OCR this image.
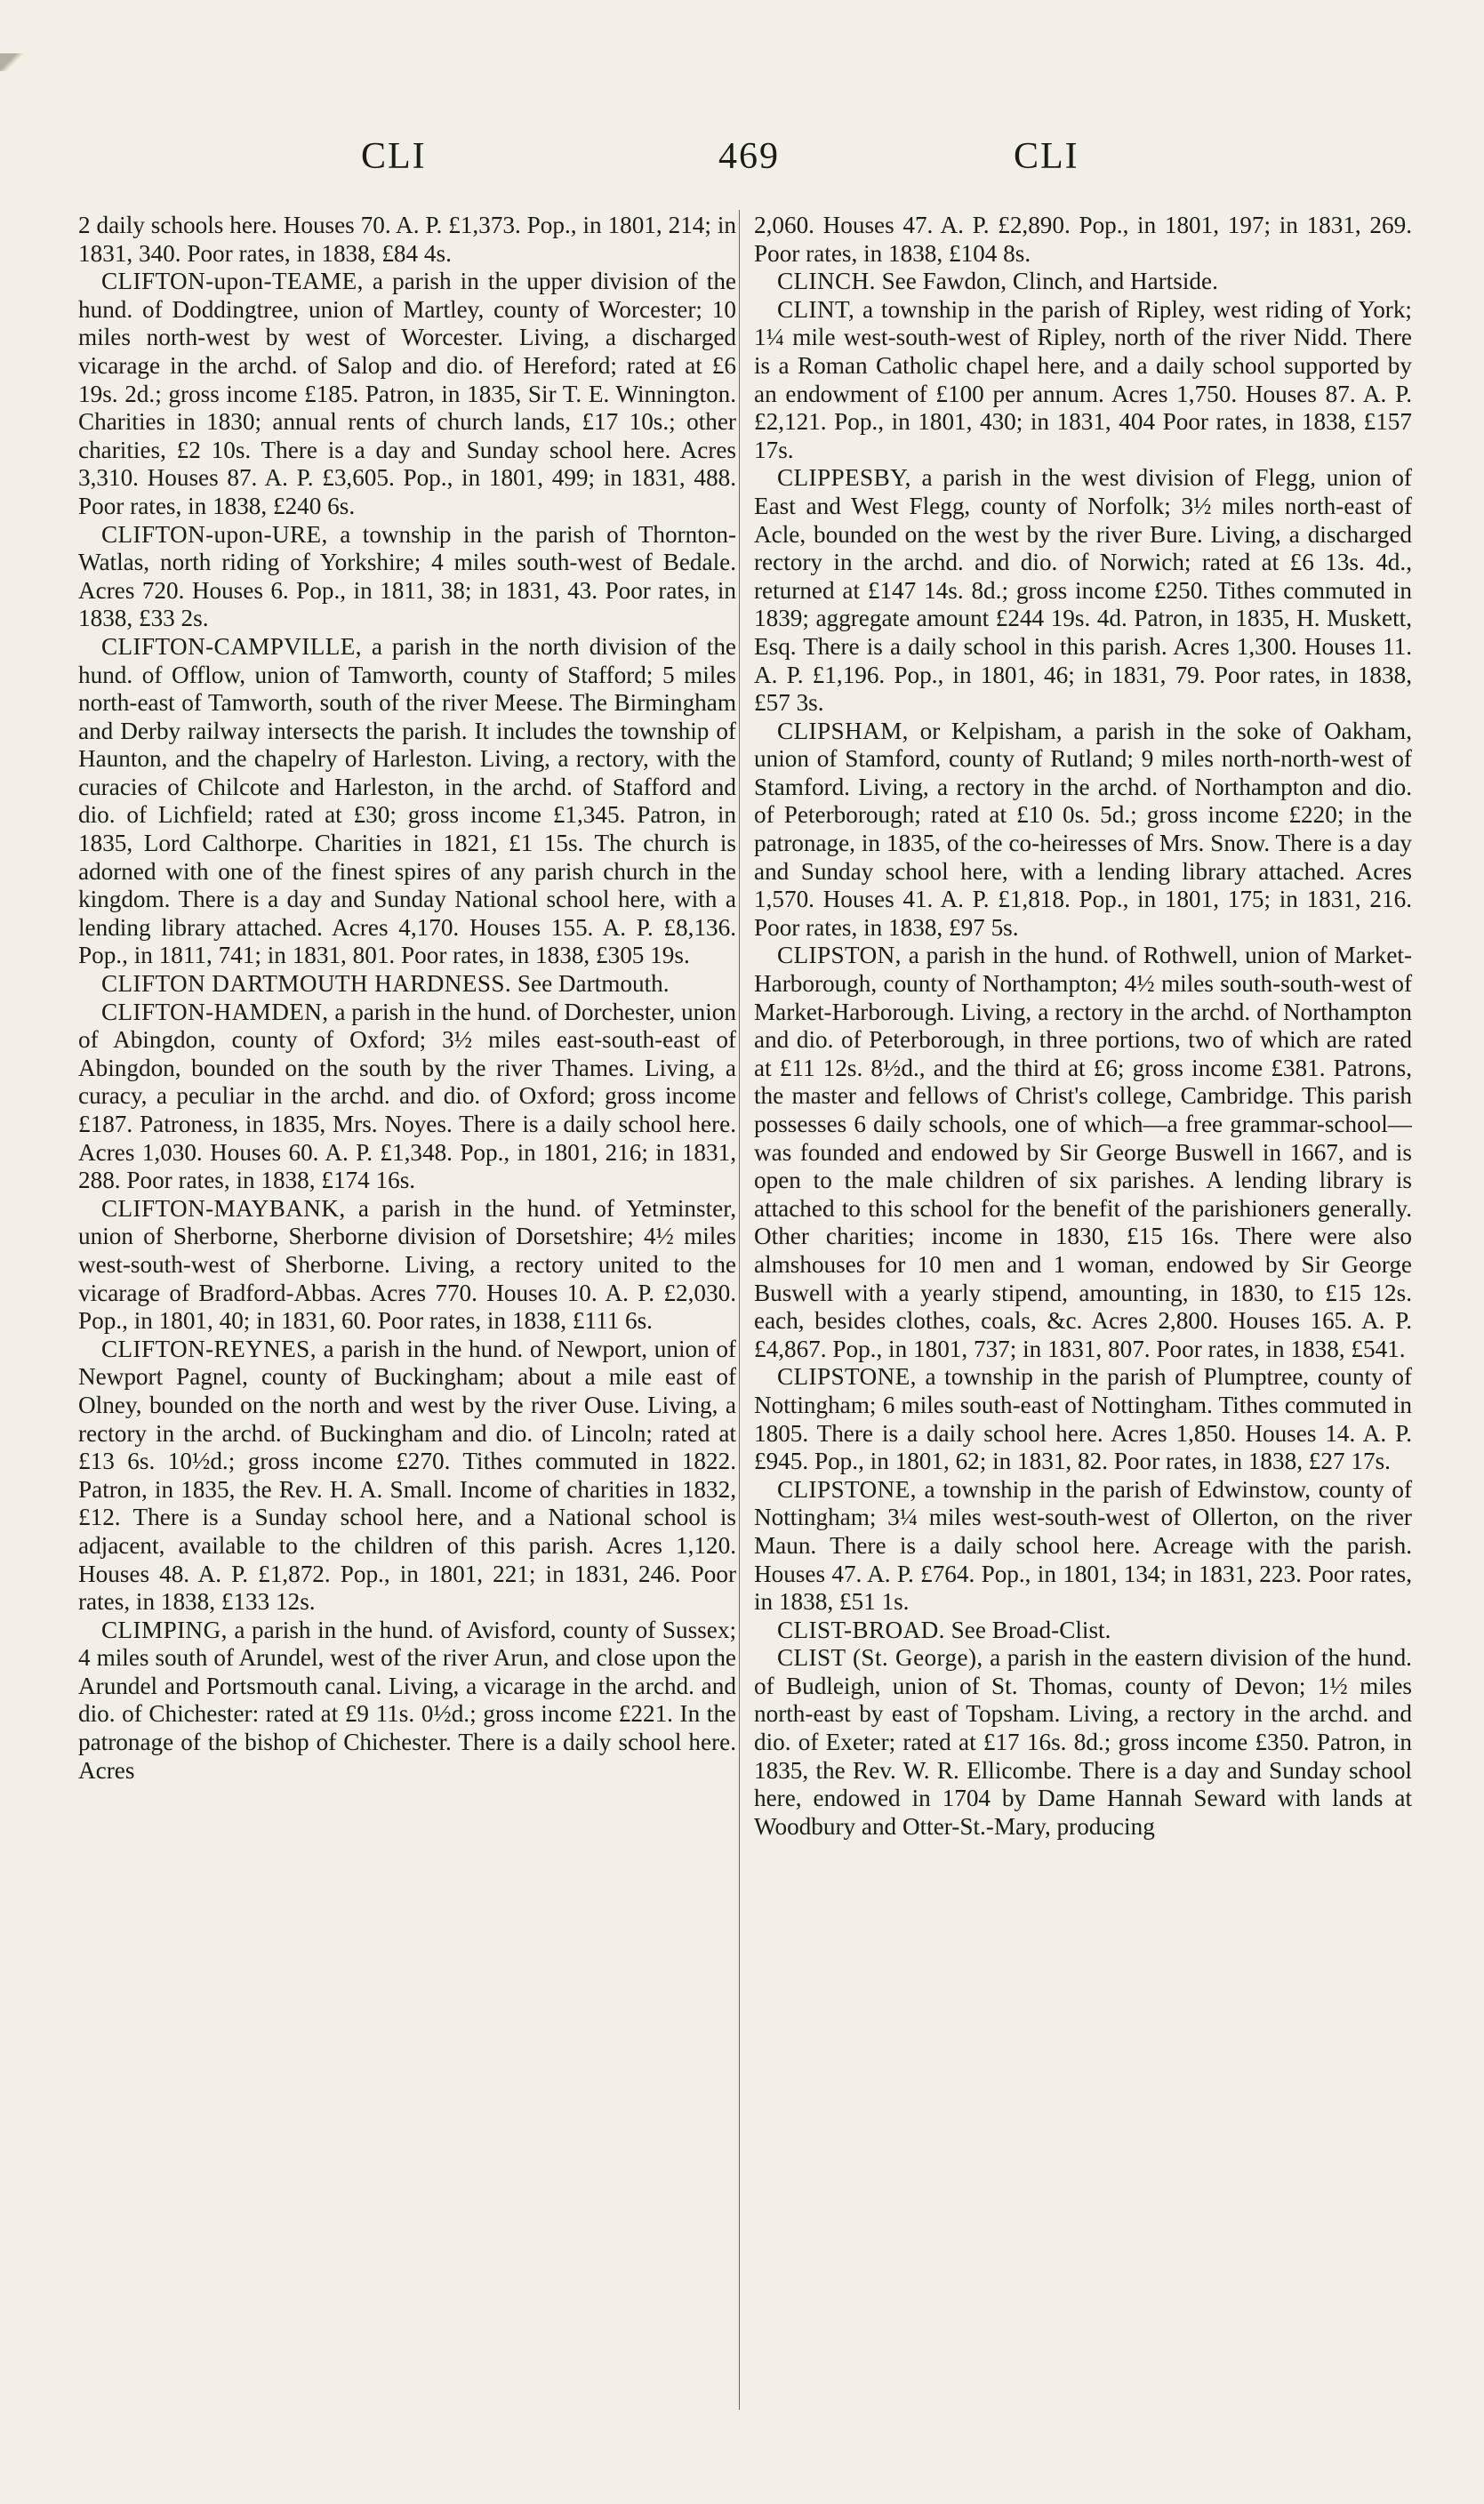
CLI	469	CLI

2 daily schools here. Houses 70. A. P. £1,373. Pop., in 1801, 214; in 1831, 340. Poor rates, in 1838, £84 4s.

CLIFTON-upon-TEAME, a parish in the upper division of the hund. of Doddingtree, union of Martley, county of Worcester; 10 miles north-west by west of Worcester. Living, a discharged vicarage in the archd. of Salop and dio. of Hereford; rated at £6 19s. 2d.; gross income £185. Patron, in 1835, Sir T. E. Winnington. Charities in 1830; annual rents of church lands, £17 10s.; other charities, £2 10s. There is a day and Sunday school here. Acres 3,310. Houses 87. A. P. £3,605. Pop., in 1801, 499; in 1831, 488. Poor rates, in 1838, £240 6s.

CLIFTON-upon-URE, a township in the parish of Thornton-Watlas, north riding of Yorkshire; 4 miles south-west of Bedale. Acres 720. Houses 6. Pop., in 1811, 38; in 1831, 43. Poor rates, in 1838, £33 2s.

CLIFTON-CAMPVILLE, a parish in the north division of the hund. of Offlow, union of Tamworth, county of Stafford; 5 miles north-east of Tamworth, south of the river Meese. The Birmingham and Derby railway intersects the parish. It includes the township of Haunton, and the chapelry of Harleston. Living, a rectory, with the curacies of Chilcote and Harleston, in the archd. of Stafford and dio. of Lichfield; rated at £30; gross income £1,345. Patron, in 1835, Lord Calthorpe. Charities in 1821, £1 15s. The church is adorned with one of the finest spires of any parish church in the kingdom. There is a day and Sunday National school here, with a lending library attached. Acres 4,170. Houses 155. A. P. £8,136. Pop., in 1811, 741; in 1831, 801. Poor rates, in 1838, £305 19s.

CLIFTON DARTMOUTH HARDNESS. See Dartmouth.

CLIFTON-HAMDEN, a parish in the hund. of Dorchester, union of Abingdon, county of Oxford; 3½ miles east-south-east of Abingdon, bounded on the south by the river Thames. Living, a curacy, a peculiar in the archd. and dio. of Oxford; gross income £187. Patroness, in 1835, Mrs. Noyes. There is a daily school here. Acres 1,030. Houses 60. A. P. £1,348. Pop., in 1801, 216; in 1831, 288. Poor rates, in 1838, £174 16s.

CLIFTON-MAYBANK, a parish in the hund. of Yetminster, union of Sherborne, Sherborne division of Dorsetshire; 4½ miles west-south-west of Sherborne. Living, a rectory united to the vicarage of Bradford-Abbas. Acres 770. Houses 10. A. P. £2,030. Pop., in 1801, 40; in 1831, 60. Poor rates, in 1838, £111 6s.

CLIFTON-REYNES, a parish in the hund. of Newport, union of Newport Pagnel, county of Buckingham; about a mile east of Olney, bounded on the north and west by the river Ouse. Living, a rectory in the archd. of Buckingham and dio. of Lincoln; rated at £13 6s. 10½d.; gross income £270. Tithes commuted in 1822. Patron, in 1835, the Rev. H. A. Small. Income of charities in 1832, £12. There is a Sunday school here, and a National school is adjacent, available to the children of this parish. Acres 1,120. Houses 48. A. P. £1,872. Pop., in 1801, 221; in 1831, 246. Poor rates, in 1838, £133 12s.

CLIMPING, a parish in the hund. of Avisford, county of Sussex; 4 miles south of Arundel, west of the river Arun, and close upon the Arundel and Portsmouth canal. Living, a vicarage in the archd. and dio. of Chichester: rated at £9 11s. 0½d.; gross income £221. In the patronage of the bishop of Chichester. There is a daily school here. Acres

2,060. Houses 47. A. P. £2,890. Pop., in 1801, 197; in 1831, 269. Poor rates, in 1838, £104 8s.

CLINCH. See Fawdon, Clinch, and Hartside.

CLINT, a township in the parish of Ripley, west riding of York; 1¼ mile west-south-west of Ripley, north of the river Nidd. There is a Roman Catholic chapel here, and a daily school supported by an endowment of £100 per annum. Acres 1,750. Houses 87. A. P. £2,121. Pop., in 1801, 430; in 1831, 404 Poor rates, in 1838, £157 17s.

CLIPPESBY, a parish in the west division of Flegg, union of East and West Flegg, county of Norfolk; 3½ miles north-east of Acle, bounded on the west by the river Bure. Living, a discharged rectory in the archd. and dio. of Norwich; rated at £6 13s. 4d., returned at £147 14s. 8d.; gross income £250. Tithes commuted in 1839; aggregate amount £244 19s. 4d. Patron, in 1835, H. Muskett, Esq. There is a daily school in this parish. Acres 1,300. Houses 11. A. P. £1,196. Pop., in 1801, 46; in 1831, 79. Poor rates, in 1838, £57 3s.

CLIPSHAM, or Kelpisham, a parish in the soke of Oakham, union of Stamford, county of Rutland; 9 miles north-north-west of Stamford. Living, a rectory in the archd. of Northampton and dio. of Peterborough; rated at £10 0s. 5d.; gross income £220; in the patronage, in 1835, of the co-heiresses of Mrs. Snow. There is a day and Sunday school here, with a lending library attached. Acres 1,570. Houses 41. A. P. £1,818. Pop., in 1801, 175; in 1831, 216. Poor rates, in 1838, £97 5s.

CLIPSTON, a parish in the hund. of Rothwell, union of Market-Harborough, county of Northampton; 4½ miles south-south-west of Market-Harborough. Living, a rectory in the archd. of Northampton and dio. of Peterborough, in three portions, two of which are rated at £11 12s. 8½d., and the third at £6; gross income £381. Patrons, the master and fellows of Christ's college, Cambridge. This parish possesses 6 daily schools, one of which—a free grammar-school—was founded and endowed by Sir George Buswell in 1667, and is open to the male children of six parishes. A lending library is attached to this school for the benefit of the parishioners generally. Other charities; income in 1830, £15 16s. There were also almshouses for 10 men and 1 woman, endowed by Sir George Buswell with a yearly stipend, amounting, in 1830, to £15 12s. each, besides clothes, coals, &c. Acres 2,800. Houses 165. A. P. £4,867. Pop., in 1801, 737; in 1831, 807. Poor rates, in 1838, £541.

CLIPSTONE, a township in the parish of Plumptree, county of Nottingham; 6 miles south-east of Nottingham. Tithes commuted in 1805. There is a daily school here. Acres 1,850. Houses 14. A. P. £945. Pop., in 1801, 62; in 1831, 82. Poor rates, in 1838, £27 17s.

CLIPSTONE, a township in the parish of Edwinstow, county of Nottingham; 3¼ miles west-south-west of Ollerton, on the river Maun. There is a daily school here. Acreage with the parish. Houses 47. A. P. £764. Pop., in 1801, 134; in 1831, 223. Poor rates, in 1838, £51 1s.

CLIST-BROAD. See Broad-Clist.

CLIST (St. George), a parish in the eastern division of the hund. of Budleigh, union of St. Thomas, county of Devon; 1½ miles north-east by east of Topsham. Living, a rectory in the archd. and dio. of Exeter; rated at £17 16s. 8d.; gross income £350. Patron, in 1835, the Rev. W. R. Ellicombe. There is a day and Sunday school here, endowed in 1704 by Dame Hannah Seward with lands at Woodbury and Otter-St.-Mary, producing
